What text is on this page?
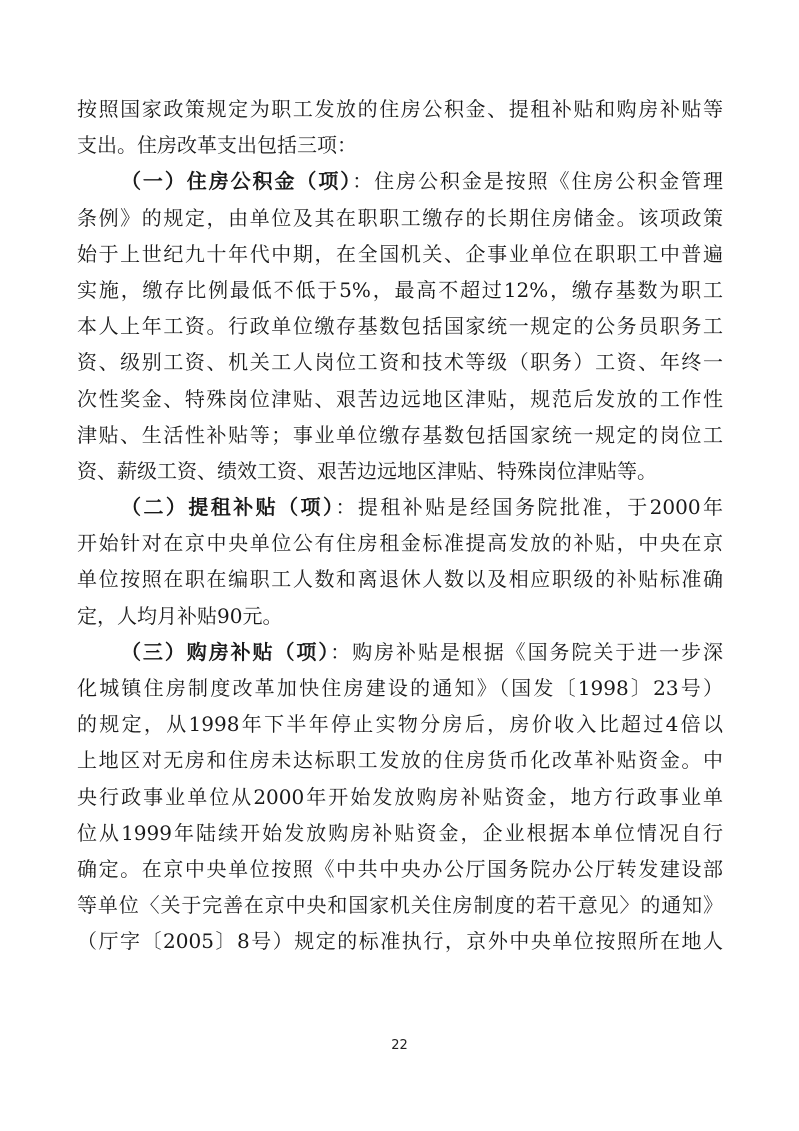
按照国家政策规定为职工发放的住房公积金、提租补贴和购房补贴等
支出。住房改革支出包括三项：
（一）住房公积金（项）：住房公积金是按照《住房公积金管理
条例》的规定，由单位及其在职职工缴存的长期住房储金。该项政策
始于上世纪九十年代中期，在全国机关、企事业单位在职职工中普遍
实施，缴存比例最低不低于5%，最高不超过12%，缴存基数为职工
本人上年工资。行政单位缴存基数包括国家统一规定的公务员职务工
资、级别工资、机关工人岗位工资和技术等级（职务）工资、年终一
次性奖金、特殊岗位津贴、艰苦边远地区津贴，规范后发放的工作性
津贴、生活性补贴等；事业单位缴存基数包括国家统一规定的岗位工
资、薪级工资、绩效工资、艰苦边远地区津贴、特殊岗位津贴等。
（二）提租补贴（项）：提租补贴是经国务院批准，于2000年
开始针对在京中央单位公有住房租金标准提高发放的补贴，中央在京
单位按照在职在编职工人数和离退休人数以及相应职级的补贴标准确
定，人均月补贴90元。
（三）购房补贴（项）：购房补贴是根据《国务院关于进一步深
化城镇住房制度改革加快住房建设的通知》（国发〔1998〕23号）
的规定，从1998年下半年停止实物分房后，房价收入比超过4倍以
上地区对无房和住房未达标职工发放的住房货币化改革补贴资金。中
央行政事业单位从2000年开始发放购房补贴资金，地方行政事业单
位从1999年陆续开始发放购房补贴资金，企业根据本单位情况自行
确定。在京中央单位按照《中共中央办公厅国务院办公厅转发建设部
等单位〈关于完善在京中央和国家机关住房制度的若干意见〉的通知》
（厅字〔2005〕8号）规定的标准执行，京外中央单位按照所在地人
22
